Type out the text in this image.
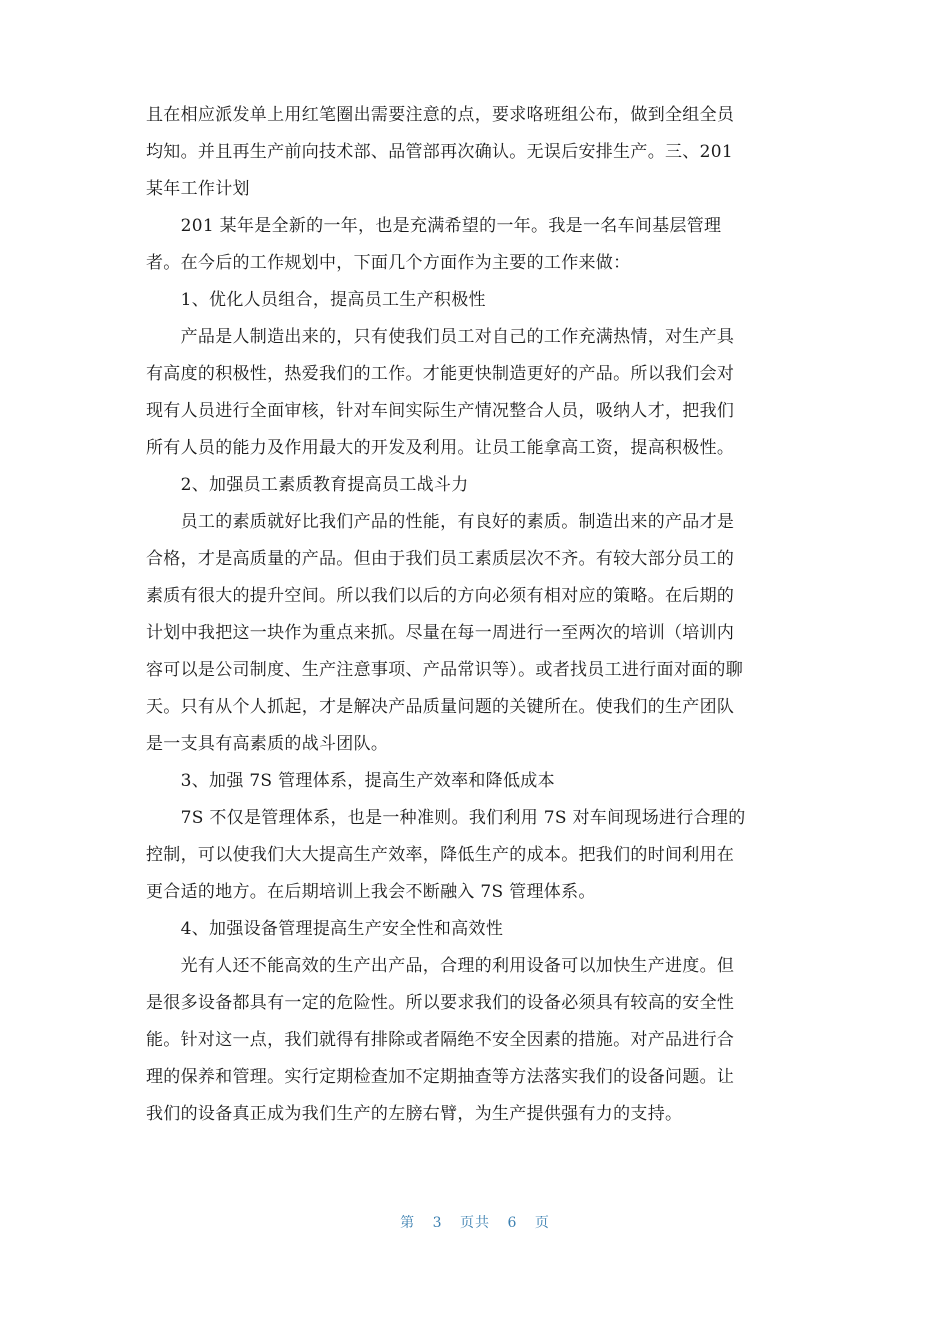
且在相应派发单上用红笔圈出需要注意的点，要求咯班组公布，做到全组全员
均知。并且再生产前向技术部、品管部再次确认。无误后安排生产。三、201
某年工作计划
　　201 某年是全新的一年，也是充满希望的一年。我是一名车间基层管理
者。在今后的工作规划中，下面几个方面作为主要的工作来做：
　　1、优化人员组合，提高员工生产积极性
　　产品是人制造出来的，只有使我们员工对自己的工作充满热情，对生产具
有高度的积极性，热爱我们的工作。才能更快制造更好的产品。所以我们会对
现有人员进行全面审核，针对车间实际生产情况整合人员，吸纳人才，把我们
所有人员的能力及作用最大的开发及利用。让员工能拿高工资，提高积极性。
　　2、加强员工素质教育提高员工战斗力
　　员工的素质就好比我们产品的性能，有良好的素质。制造出来的产品才是
合格，才是高质量的产品。但由于我们员工素质层次不齐。有较大部分员工的
素质有很大的提升空间。所以我们以后的方向必须有相对应的策略。在后期的
计划中我把这一块作为重点来抓。尽量在每一周进行一至两次的培训（培训内
容可以是公司制度、生产注意事项、产品常识等）。或者找员工进行面对面的聊
天。只有从个人抓起，才是解决产品质量问题的关键所在。使我们的生产团队
是一支具有高素质的战斗团队。
　　3、加强 7S 管理体系，提高生产效率和降低成本
　　7S 不仅是管理体系，也是一种准则。我们利用 7S 对车间现场进行合理的
控制，可以使我们大大提高生产效率，降低生产的成本。把我们的时间利用在
更合适的地方。在后期培训上我会不断融入 7S 管理体系。
　　4、加强设备管理提高生产安全性和高效性
　　光有人还不能高效的生产出产品，合理的利用设备可以加快生产进度。但
是很多设备都具有一定的危险性。所以要求我们的设备必须具有较高的安全性
能。针对这一点，我们就得有排除或者隔绝不安全因素的措施。对产品进行合
理的保养和管理。实行定期检查加不定期抽查等方法落实我们的设备问题。让
我们的设备真正成为我们生产的左膀右臂，为生产提供强有力的支持。
第 3 页共 6 页
